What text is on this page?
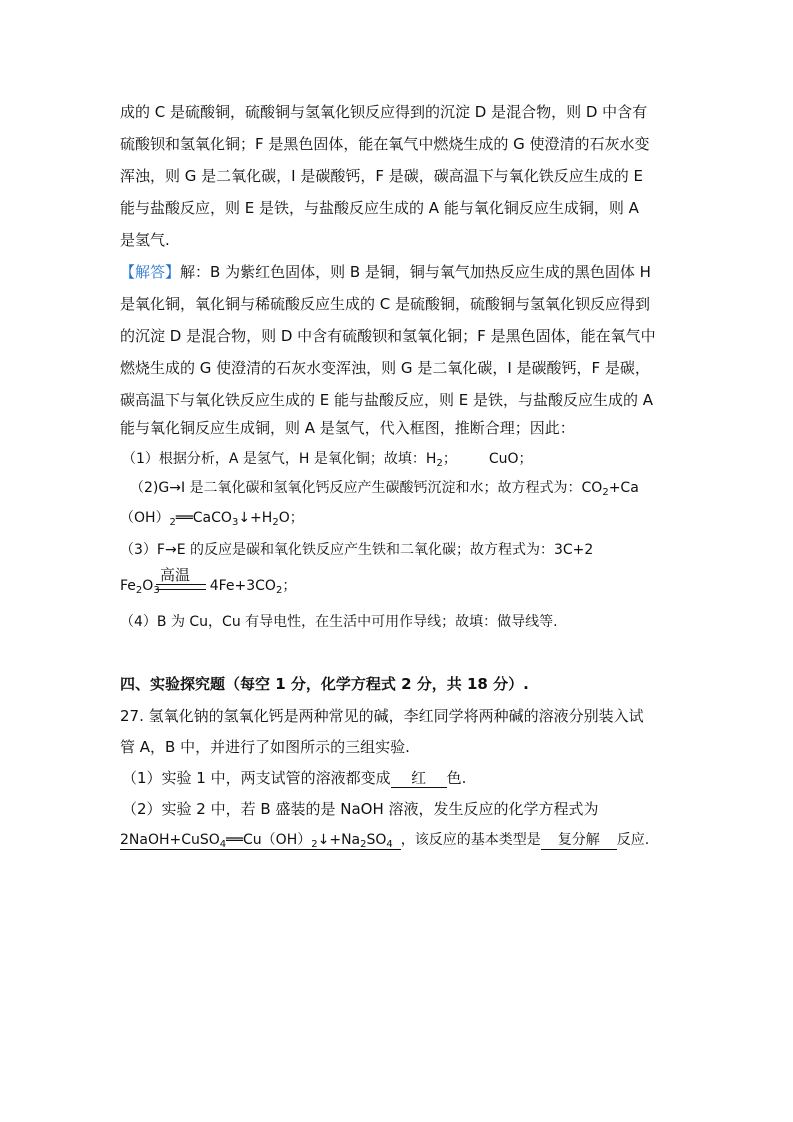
成的 C 是硫酸铜，硫酸铜与氢氧化钡反应得到的沉淀 D 是混合物，则 D 中含有
硫酸钡和氢氧化铜；F 是黑色固体，能在氧气中燃烧生成的 G 使澄清的石灰水变
浑浊，则 G 是二氧化碳，I 是碳酸钙，F 是碳，碳高温下与氧化铁反应生成的 E
能与盐酸反应，则 E 是铁，与盐酸反应生成的 A 能与氧化铜反应生成铜，则 A
是氢气.
【解答】解：B 为紫红色固体，则 B 是铜，铜与氧气加热反应生成的黑色固体 H
是氧化铜，氧化铜与稀硫酸反应生成的 C 是硫酸铜，硫酸铜与氢氧化钡反应得到
的沉淀 D 是混合物，则 D 中含有硫酸钡和氢氧化铜；F 是黑色固体，能在氧气中
燃烧生成的 G 使澄清的石灰水变浑浊，则 G 是二氧化碳，I 是碳酸钙，F 是碳，
碳高温下与氧化铁反应生成的 E 能与盐酸反应，则 E 是铁，与盐酸反应生成的 A
能与氧化铜反应生成铜，则 A 是氢气，代入框图，推断合理；因此：
（1）根据分析，A 是氢气，H 是氧化铜；故填：$H_2$； CuO；
（2)G→I 是二氧化碳和氢氧化钙反应产生碳酸钙沉淀和水；故方程式为：$CO_2+Ca$
$(OH)_2══CaCO_3↓+H_2O$；
（3）F→E 的反应是碳和氧化铁反应产生铁和二氧化碳；故方程式为：3C+2
高温
$Fe_2O_3$	$4Fe+3CO_2$；
（4）B 为 Cu，Cu 有导电性，在生活中可用作导线；故填：做导线等.
四、实验探究题（每空 1 分，化学方程式 2 分，共 18 分）.
27. 氢氧化钠的氢氧化钙是两种常见的碱，李红同学将两种碱的溶液分别装入试
管 A，B 中，并进行了如图所示的三组实验.
（1）实验 1 中，两支试管的溶液都变成 红 色.
（2）实验 2 中，若 B 盛装的是 NaOH 溶液，发生反应的化学方程式为
$2NaOH+CuSO_4══Cu(OH)_2↓+Na_2SO_4$ ，该反应的基本类型是 复分解 反应.
